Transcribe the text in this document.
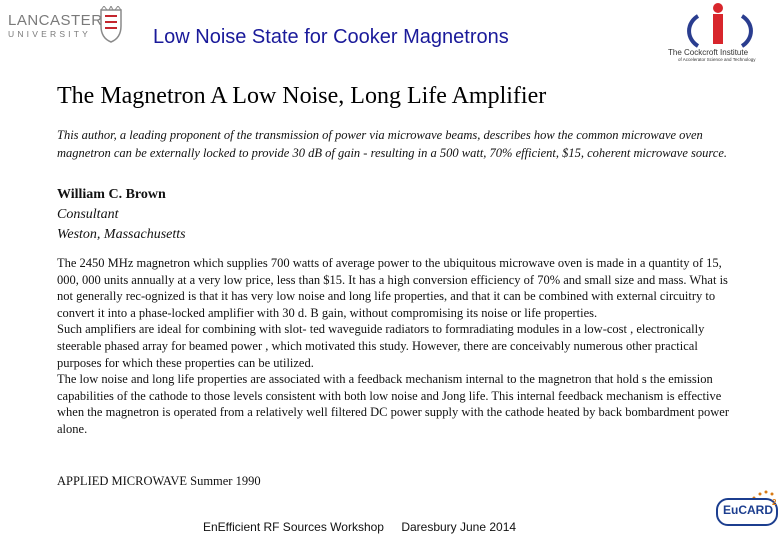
LANCASTER
UNIVERSITY	Low Noise State for Cooker Magnetrons
The Cockcroft Institute
of Accelerator Science and Technology
The Magnetron A Low Noise, Long Life Amplifier
This author, a leading proponent of the transmission of power via microwave beams, describes how the common microwave oven magnetron can be externally locked to provide 30 dB of gain - resulting in a 500 watt, 70% efficient, $15, coherent microwave source.
William C. Brown
Consultant
Weston, Massachusetts

The 2450 MHz magnetron which supplies 700 watts of average power to the ubiquitous microwave oven is made in a quantity of 15, 000, 000 units annually at a very low price, less than $15. It has a high conversion efficiency of 70% and small size and mass. What is not generally rec-ognized is that it has very low noise and long life properties, and that it can be combined with external circuitry to convert it into a phase-locked amplifier with 30 d. B gain, without compromising its noise or life properties.

Such amplifiers are ideal for combining with slot- ted waveguide radiators to formradiating modules in a low-cost , electronically steerable phased array for beamed power , which motivated this study. However, there are conceivably numerous other practical purposes for which these properties can be utilized.

The low noise and long life properties are associated with a feedback mechanism internal to the magnetron that hold s the emission capabilities of the cathode to those levels consistent with both low noise and Jong life. This internal feedback mechanism is effective when the magnetron is operated from a relatively well filtered DC power supply with the cathode heated by back bombardment power alone.

APPLIED MICROWAVE Summer 1990
EuCARD
2
EnEfficient RF Sources Workshop Daresbury June 2014
